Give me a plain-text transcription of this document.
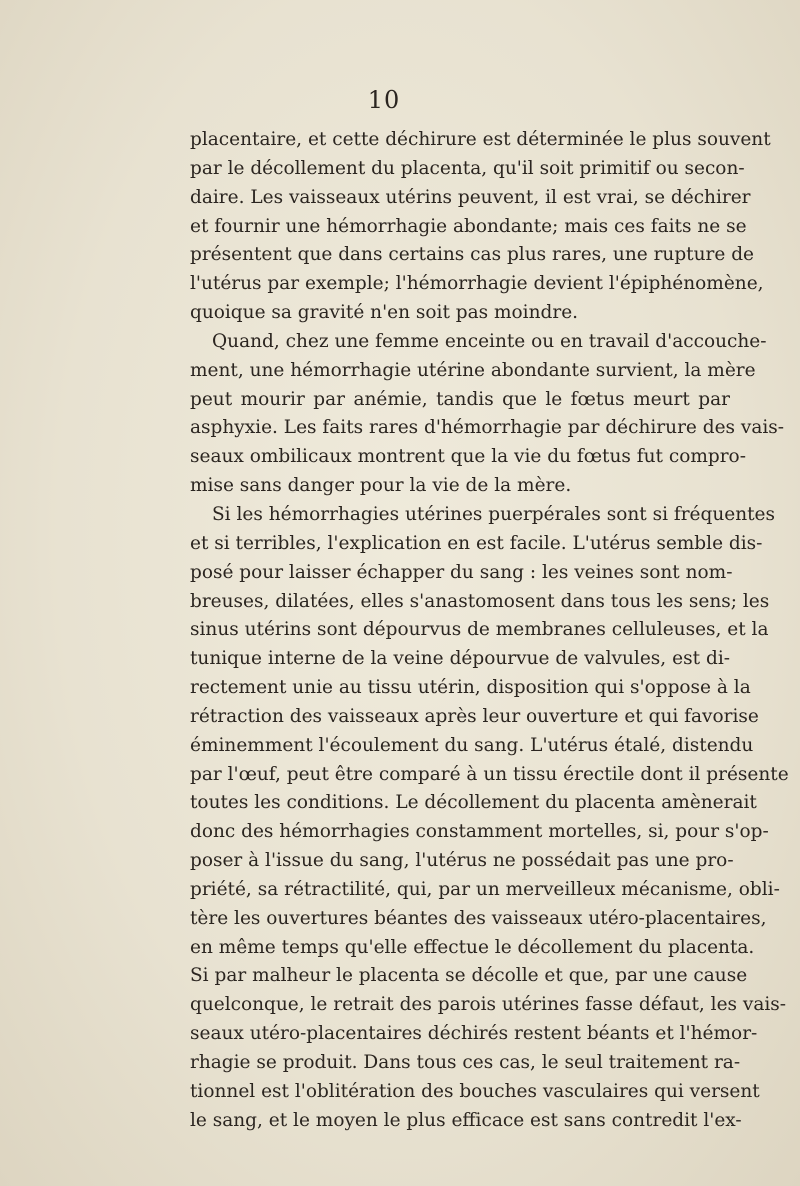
10
placentaire, et cette déchirure est déterminée le plus souvent
par le décollement du placenta, qu'il soit primitif ou secon-
daire. Les vaisseaux utérins peuvent, il est vrai, se déchirer
et fournir une hémorrhagie abondante; mais ces faits ne se
présentent que dans certains cas plus rares, une rupture de
l'utérus par exemple; l'hémorrhagie devient l'épiphénomène,
quoique sa gravité n'en soit pas moindre.
Quand, chez une femme enceinte ou en travail d'accouche-
ment, une hémorrhagie utérine abondante survient, la mère
peut mourir par anémie, tandis que le fœtus meurt par
asphyxie. Les faits rares d'hémorrhagie par déchirure des vais-
seaux ombilicaux montrent que la vie du fœtus fut compro-
mise sans danger pour la vie de la mère.
Si les hémorrhagies utérines puerpérales sont si fréquentes
et si terribles, l'explication en est facile. L'utérus semble dis-
posé pour laisser échapper du sang : les veines sont nom-
breuses, dilatées, elles s'anastomosent dans tous les sens; les
sinus utérins sont dépourvus de membranes celluleuses, et la
tunique interne de la veine dépourvue de valvules, est di-
rectement unie au tissu utérin, disposition qui s'oppose à la
rétraction des vaisseaux après leur ouverture et qui favorise
éminemment l'écoulement du sang. L'utérus étalé, distendu
par l'œuf, peut être comparé à un tissu érectile dont il présente
toutes les conditions. Le décollement du placenta amènerait
donc des hémorrhagies constamment mortelles, si, pour s'op-
poser à l'issue du sang, l'utérus ne possédait pas une pro-
priété, sa rétractilité, qui, par un merveilleux mécanisme, obli-
tère les ouvertures béantes des vaisseaux utéro-placentaires,
en même temps qu'elle effectue le décollement du placenta.
Si par malheur le placenta se décolle et que, par une cause
quelconque, le retrait des parois utérines fasse défaut, les vais-
seaux utéro-placentaires déchirés restent béants et l'hémor-
rhagie se produit. Dans tous ces cas, le seul traitement ra-
tionnel est l'oblitération des bouches vasculaires qui versent
le sang, et le moyen le plus efficace est sans contredit l'ex-
